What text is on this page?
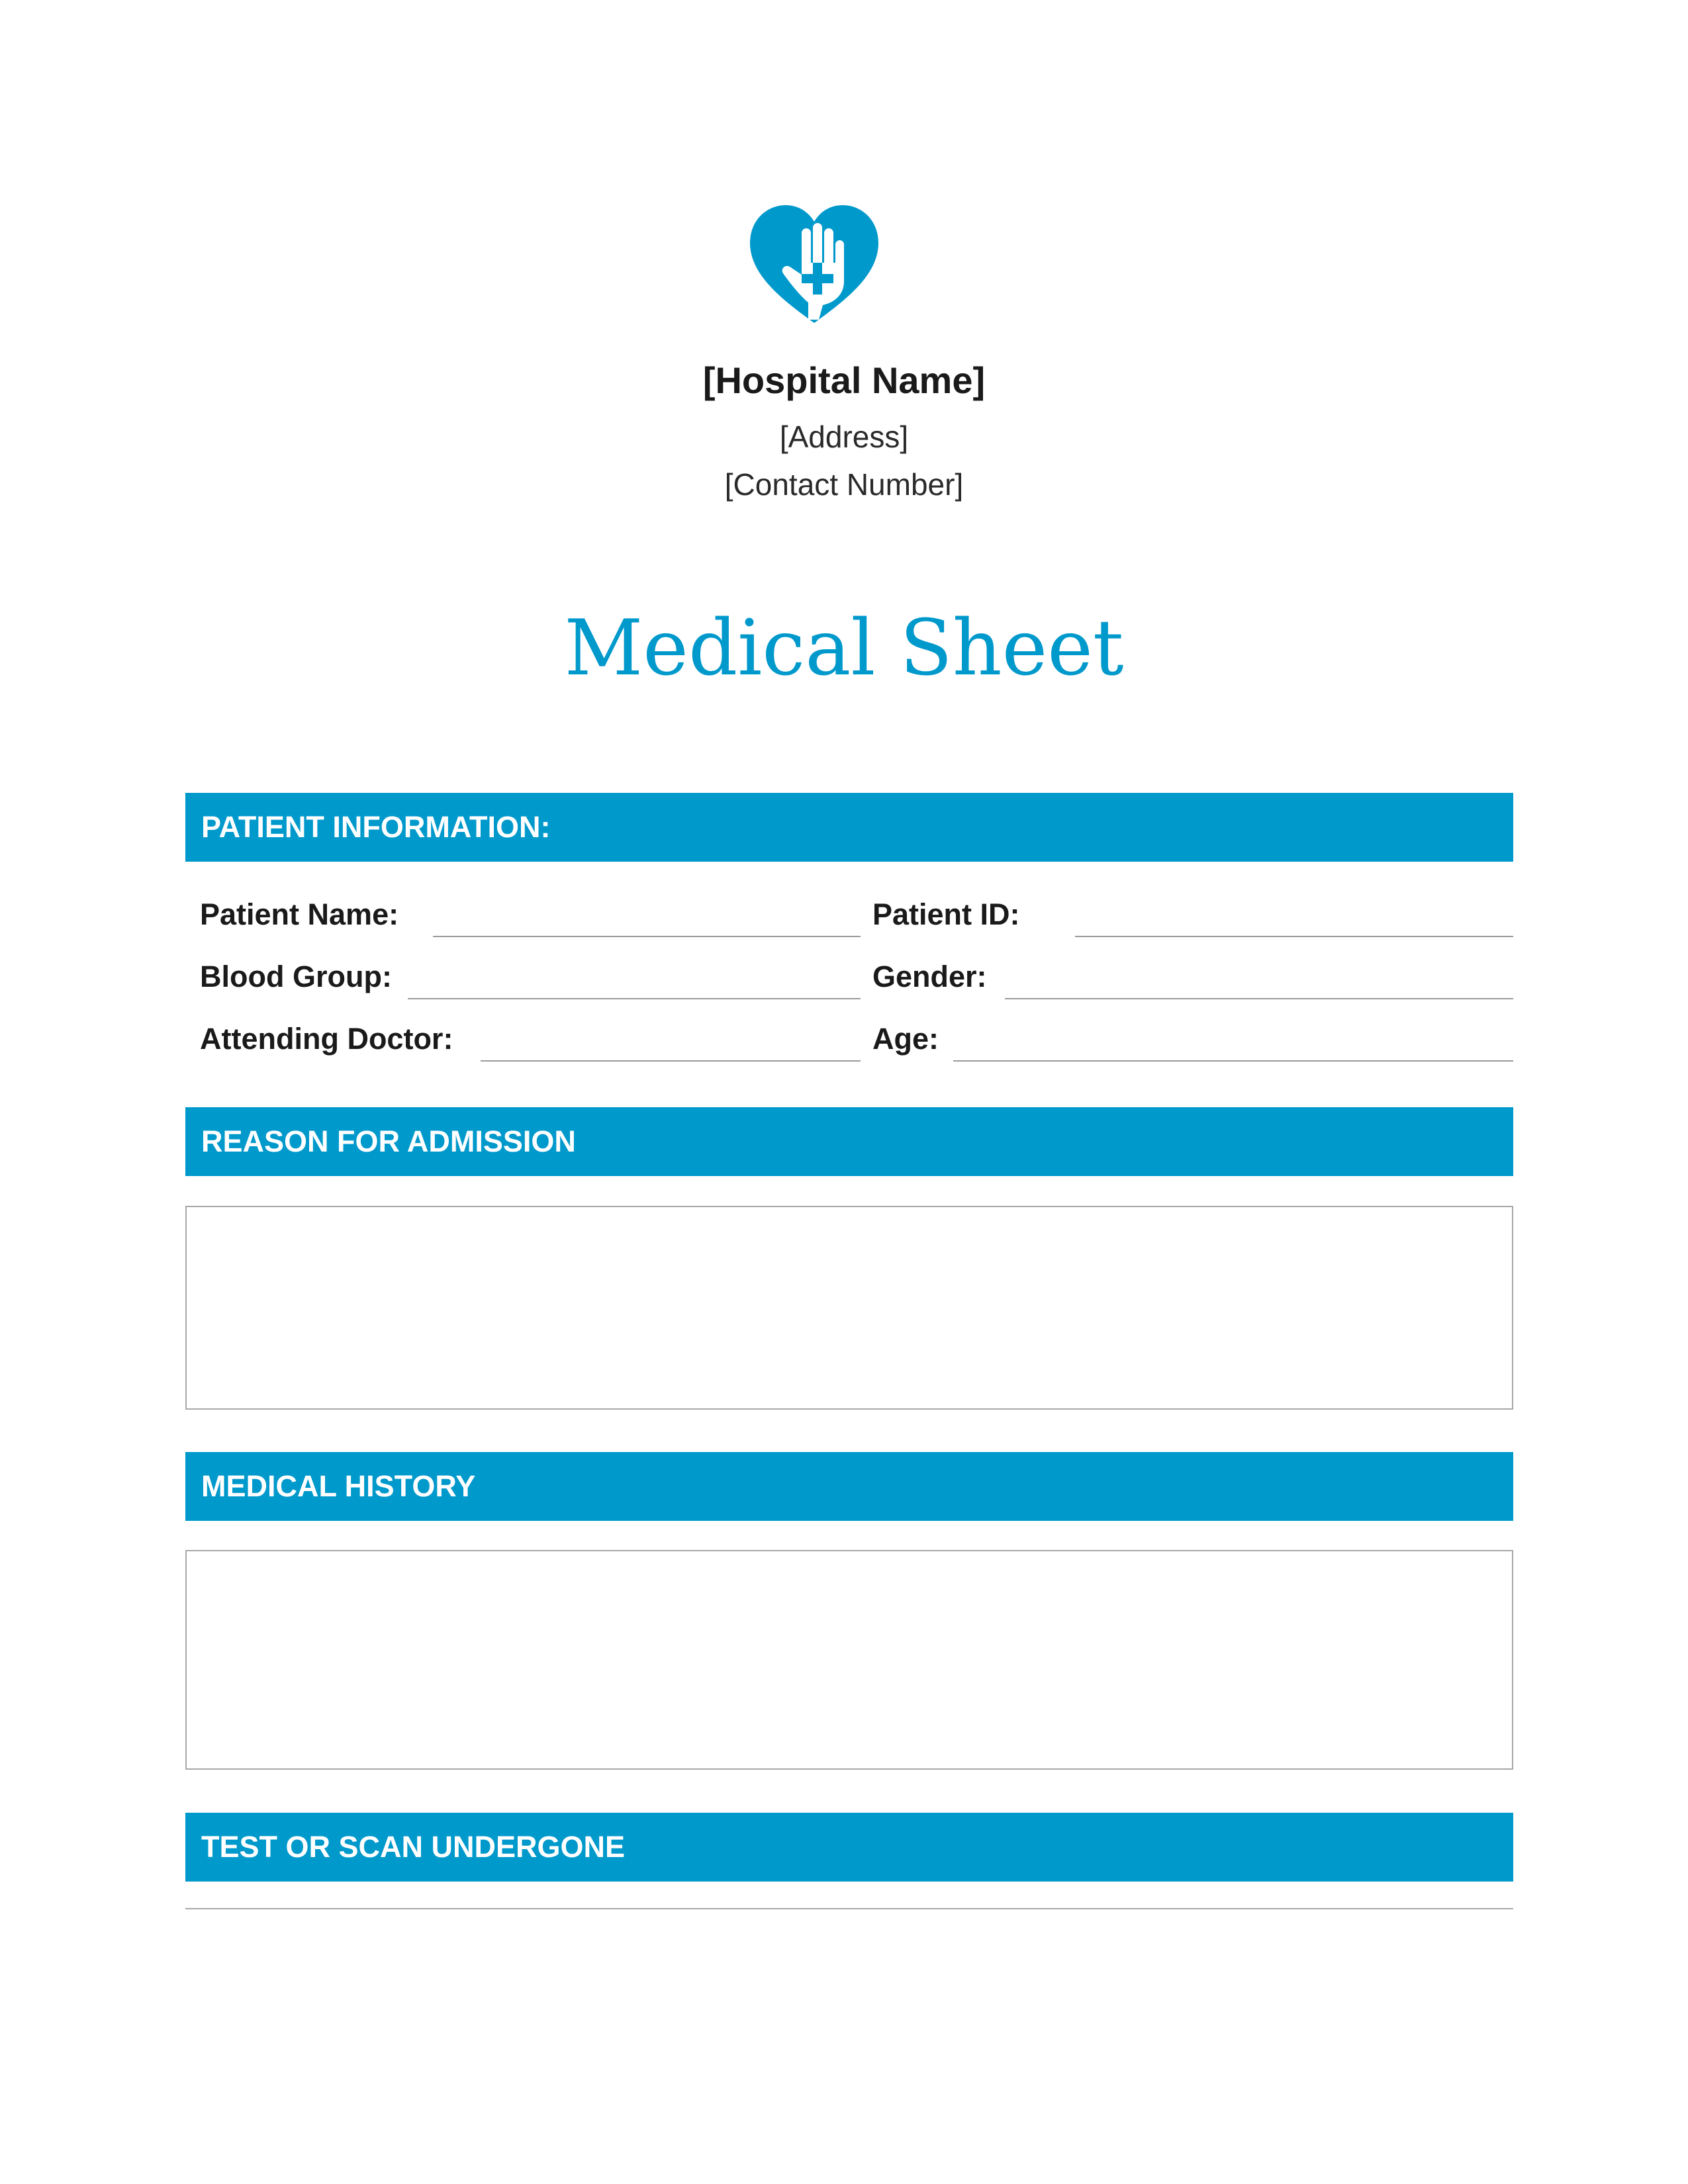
[Hospital Name]
[Address]
[Contact Number]
Medical Sheet
PATIENT INFORMATION:
Patient Name:	Patient ID:
Blood Group:	Gender:
Attending Doctor:	Age:
REASON FOR ADMISSION
MEDICAL HISTORY
TEST OR SCAN UNDERGONE
